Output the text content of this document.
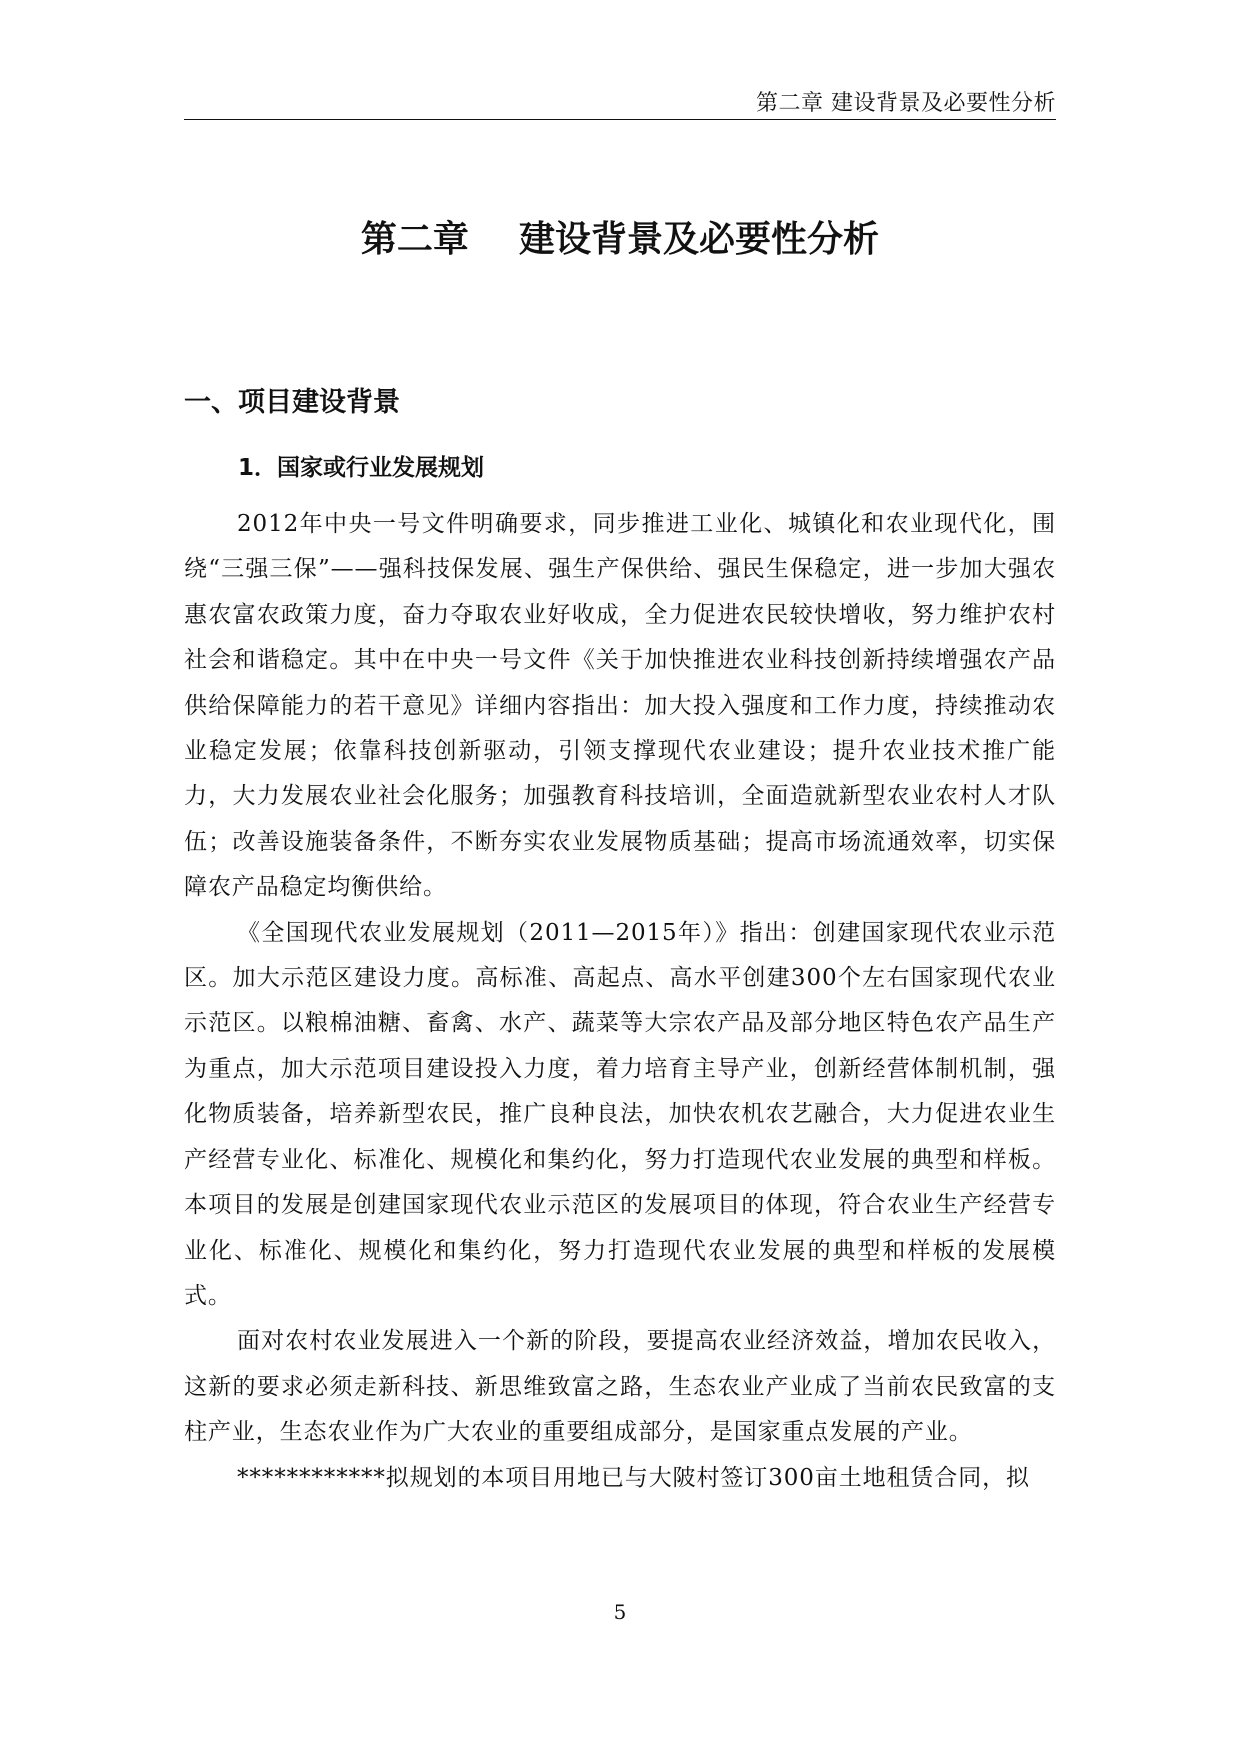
第二章 建设背景及必要性分析
第二章    建设背景及必要性分析
一、项目建设背景
1．国家或行业发展规划

2012年中央一号文件明确要求，同步推进工业化、城镇化和农业现代化，围绕“三强三保”——强科技保发展、强生产保供给、强民生保稳定，进一步加大强农惠农富农政策力度，奋力夺取农业好收成，全力促进农民较快增收，努力维护农村社会和谐稳定。其中在中央一号文件《关于加快推进农业科技创新持续增强农产品供给保障能力的若干意见》详细内容指出：加大投入强度和工作力度，持续推动农业稳定发展；依靠科技创新驱动，引领支撑现代农业建设；提升农业技术推广能力，大力发展农业社会化服务；加强教育科技培训，全面造就新型农业农村人才队伍；改善设施装备条件，不断夯实农业发展物质基础；提高市场流通效率，切实保障农产品稳定均衡供给。

《全国现代农业发展规划（2011—2015年）》指出：创建国家现代农业示范区。加大示范区建设力度。高标准、高起点、高水平创建300个左右国家现代农业示范区。以粮棉油糖、畜禽、水产、蔬菜等大宗农产品及部分地区特色农产品生产为重点，加大示范项目建设投入力度，着力培育主导产业，创新经营体制机制，强化物质装备，培养新型农民，推广良种良法，加快农机农艺融合，大力促进农业生产经营专业化、标准化、规模化和集约化，努力打造现代农业发展的典型和样板。本项目的发展是创建国家现代农业示范区的发展项目的体现，符合农业生产经营专业化、标准化、规模化和集约化，努力打造现代农业发展的典型和样板的发展模式。

面对农村农业发展进入一个新的阶段，要提高农业经济效益，增加农民收入，这新的要求必须走新科技、新思维致富之路，生态农业产业成了当前农民致富的支柱产业，生态农业作为广大农业的重要组成部分，是国家重点发展的产业。

************拟规划的本项目用地已与大陂村签订300亩土地租赁合同，拟

5
